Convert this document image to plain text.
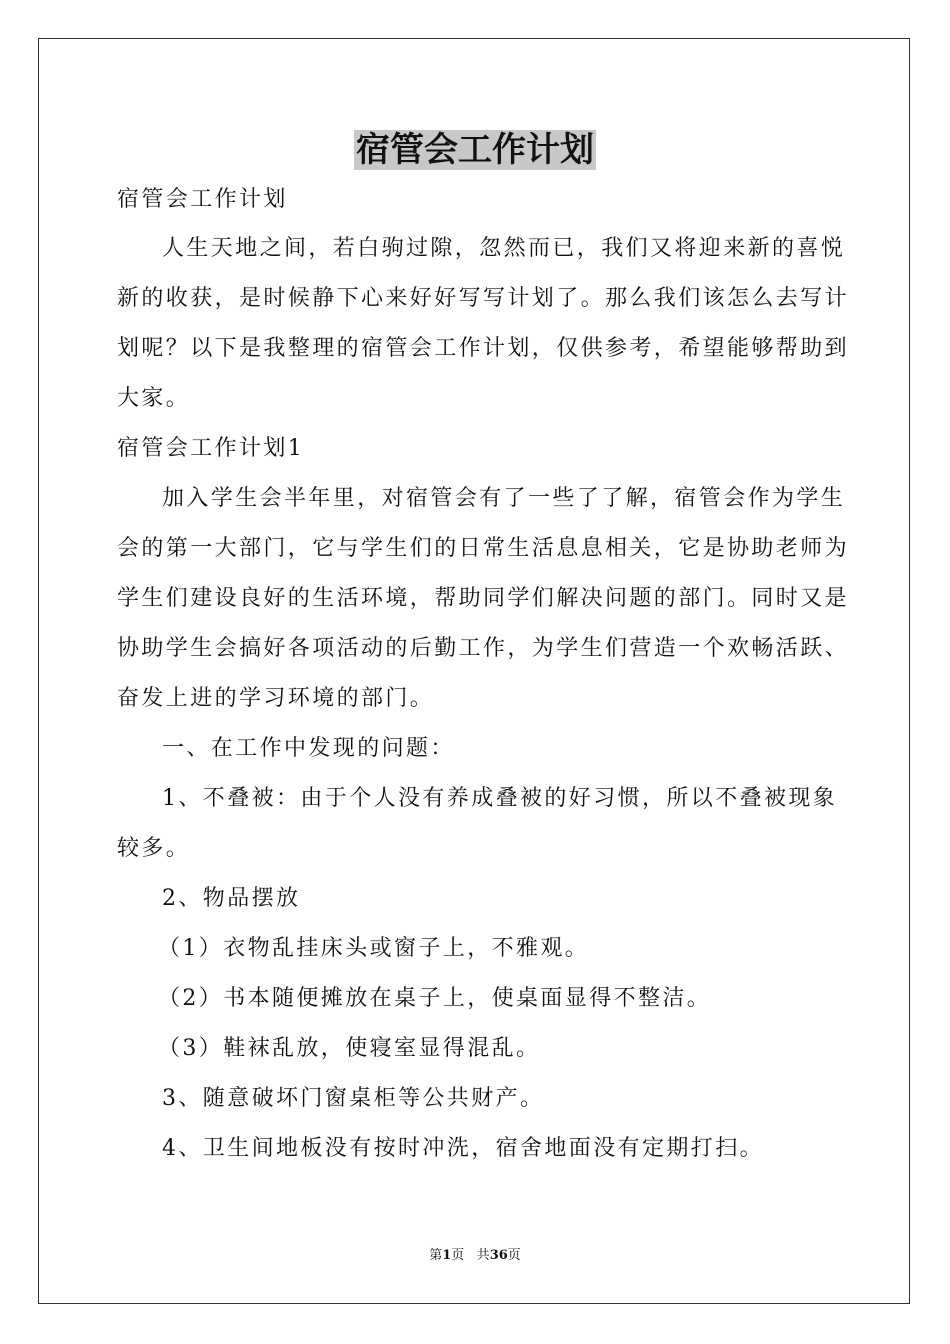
宿管会工作计划
宿管会工作计划
人生天地之间，若白驹过隙，忽然而已，我们又将迎来新的喜悦
新的收获，是时候静下心来好好写写计划了。那么我们该怎么去写计
划呢？以下是我整理的宿管会工作计划，仅供参考，希望能够帮助到
大家。
宿管会工作计划1
加入学生会半年里，对宿管会有了一些了了解，宿管会作为学生
会的第一大部门，它与学生们的日常生活息息相关，它是协助老师为
学生们建设良好的生活环境，帮助同学们解决问题的部门。同时又是
协助学生会搞好各项活动的后勤工作，为学生们营造一个欢畅活跃、
奋发上进的学习环境的部门。
一、在工作中发现的问题：
1、不叠被：由于个人没有养成叠被的好习惯，所以不叠被现象
较多。
2、物品摆放
（1）衣物乱挂床头或窗子上，不雅观。
（2）书本随便摊放在桌子上，使桌面显得不整洁。
（3）鞋袜乱放，使寝室显得混乱。
3、随意破坏门窗桌柜等公共财产。
4、卫生间地板没有按时冲洗，宿舍地面没有定期打扫。
第1页 共36页
